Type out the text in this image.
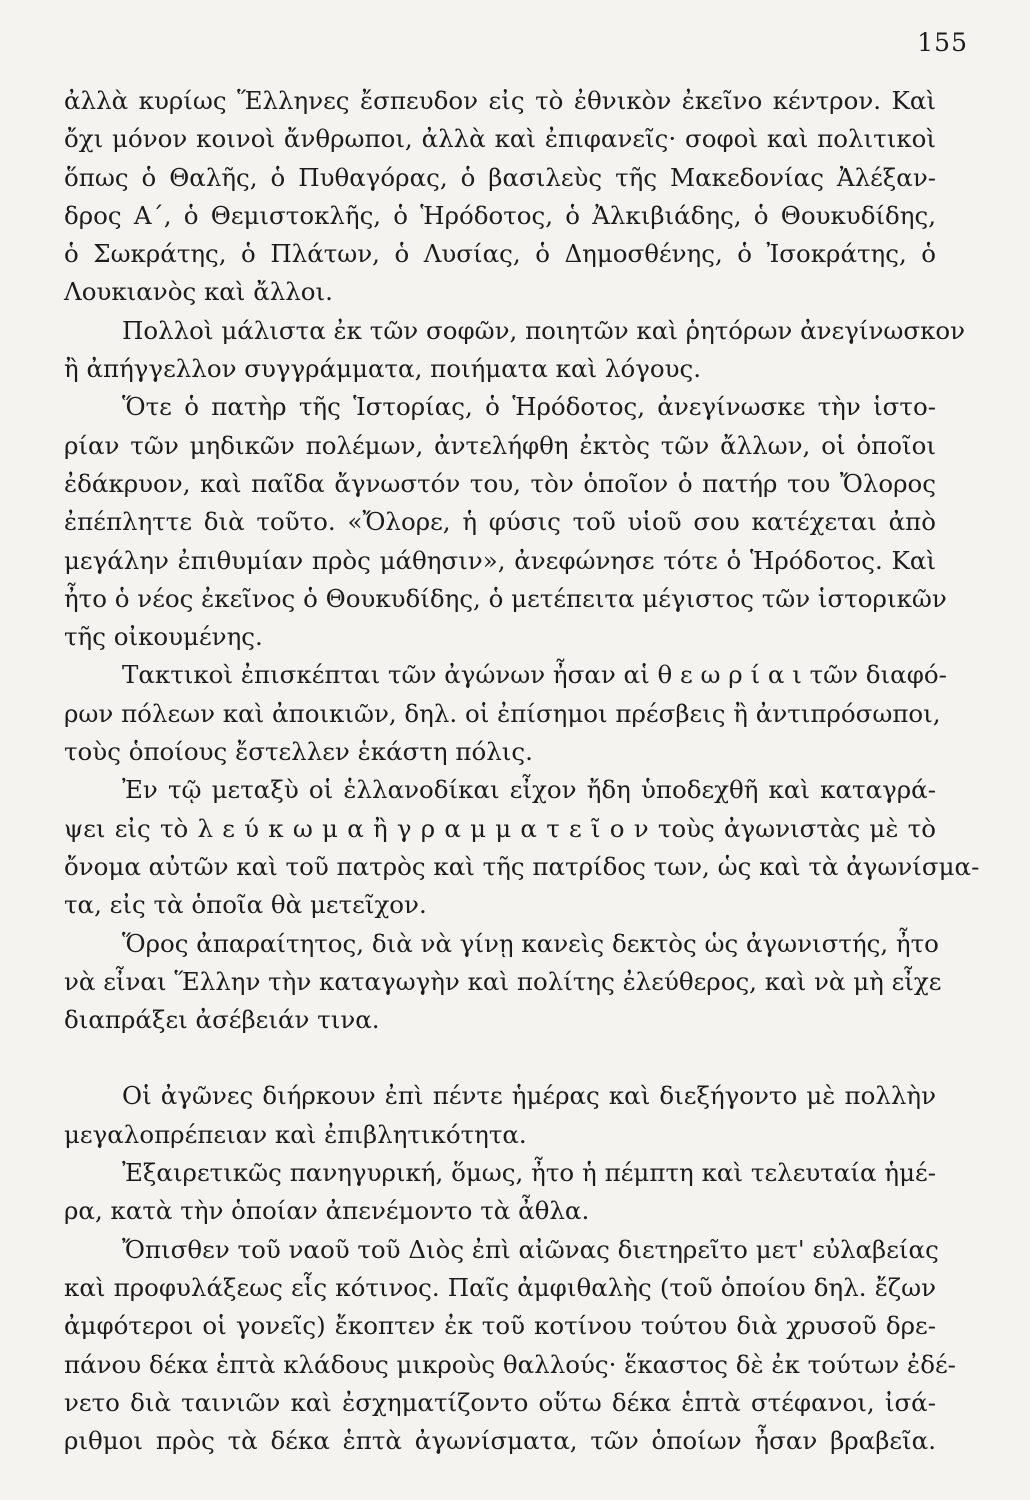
155
ἀλλὰ κυρίως Ἕλληνες ἔσπευδον εἰς τὸ ἐθνικὸν ἐκεῖνο κέντρον. Καὶ
ὄχι μόνον κοινοὶ ἄνθρωποι, ἀλλὰ καὶ ἐπιφανεῖς· σοφοὶ καὶ πολιτικοὶ
ὅπως ὁ Θαλῆς, ὁ Πυθαγόρας, ὁ βασιλεὺς τῆς Μακεδονίας Ἀλέξαν-
δρος Α΄, ὁ Θεμιστοκλῆς, ὁ Ἡρόδοτος, ὁ Ἀλκιβιάδης, ὁ Θουκυδίδης,
ὁ Σωκράτης, ὁ Πλάτων, ὁ Λυσίας, ὁ Δημοσθένης, ὁ Ἰσοκράτης, ὁ
Λουκιανὸς καὶ ἄλλοι.
Πολλοὶ μάλιστα ἐκ τῶν σοφῶν, ποιητῶν καὶ ῥητόρων ἀνεγίνωσκον
ἢ ἀπήγγελλον συγγράμματα, ποιήματα καὶ λόγους.
Ὅτε ὁ πατὴρ τῆς Ἱστορίας, ὁ Ἡρόδοτος, ἀνεγίνωσκε τὴν ἱστο-
ρίαν τῶν μηδικῶν πολέμων, ἀντελήφθη ἐκτὸς τῶν ἄλλων, οἱ ὁποῖοι
ἐδάκρυον, καὶ παῖδα ἄγνωστόν του, τὸν ὁποῖον ὁ πατήρ του Ὄλορος
ἐπέπληττε διὰ τοῦτο. «Ὄλορε, ἡ φύσις τοῦ υἱοῦ σου κατέχεται ἀπὸ
μεγάλην ἐπιθυμίαν πρὸς μάθησιν», ἀνεφώνησε τότε ὁ Ἡρόδοτος. Καὶ
ἦτο ὁ νέος ἐκεῖνος ὁ Θουκυδίδης, ὁ μετέπειτα μέγιστος τῶν ἱστορικῶν
τῆς οἰκουμένης.
Τακτικοὶ ἐπισκέπται τῶν ἀγώνων ἦσαν αἱ θ ε ω ρ ί α ι τῶν διαφό-
ρων πόλεων καὶ ἀποικιῶν, δηλ. οἱ ἐπίσημοι πρέσβεις ἢ ἀντιπρόσωποι,
τοὺς ὁποίους ἔστελλεν ἑκάστη πόλις.
Ἐν τῷ μεταξὺ οἱ ἑλλανοδίκαι εἶχον ἤδη ὑποδεχθῆ καὶ καταγρά-
ψει εἰς τὸ λ ε ύ κ ω μ α ἢ γ ρ α μ μ α τ ε ῖ ο ν τοὺς ἀγωνιστὰς μὲ τὸ
ὄνομα αὐτῶν καὶ τοῦ πατρὸς καὶ τῆς πατρίδος των, ὡς καὶ τὰ ἀγωνίσμα-
τα, εἰς τὰ ὁποῖα θὰ μετεῖχον.
Ὅρος ἀπαραίτητος, διὰ νὰ γίνῃ κανεὶς δεκτὸς ὡς ἀγωνιστής, ἦτο
νὰ εἶναι Ἕλλην τὴν καταγωγὴν καὶ πολίτης ἐλεύθερος, καὶ νὰ μὴ εἶχε
διαπράξει ἀσέβειάν τινα.
Οἱ ἀγῶνες διήρκουν ἐπὶ πέντε ἡμέρας καὶ διεξήγοντο μὲ πολλὴν
μεγαλοπρέπειαν καὶ ἐπιβλητικότητα.
Ἐξαιρετικῶς πανηγυρική, ὅμως, ἦτο ἡ πέμπτη καὶ τελευταία ἡμέ-
ρα, κατὰ τὴν ὁποίαν ἀπενέμοντο τὰ ἆθλα.
Ὄπισθεν τοῦ ναοῦ τοῦ Διὸς ἐπὶ αἰῶνας διετηρεῖτο μετ' εὐλαβείας
καὶ προφυλάξεως εἷς κότινος. Παῖς ἀμφιθαλὴς (τοῦ ὁποίου δηλ. ἔζων
ἀμφότεροι οἱ γονεῖς) ἔκοπτεν ἐκ τοῦ κοτίνου τούτου διὰ χρυσοῦ δρε-
πάνου δέκα ἑπτὰ κλάδους μικροὺς θαλλούς· ἕκαστος δὲ ἐκ τούτων ἐδέ-
νετο διὰ ταινιῶν καὶ ἐσχηματίζοντο οὕτω δέκα ἑπτὰ στέφανοι, ἰσά-
ριθμοι πρὸς τὰ δέκα ἑπτὰ ἀγωνίσματα, τῶν ὁποίων ἦσαν βραβεῖα.
